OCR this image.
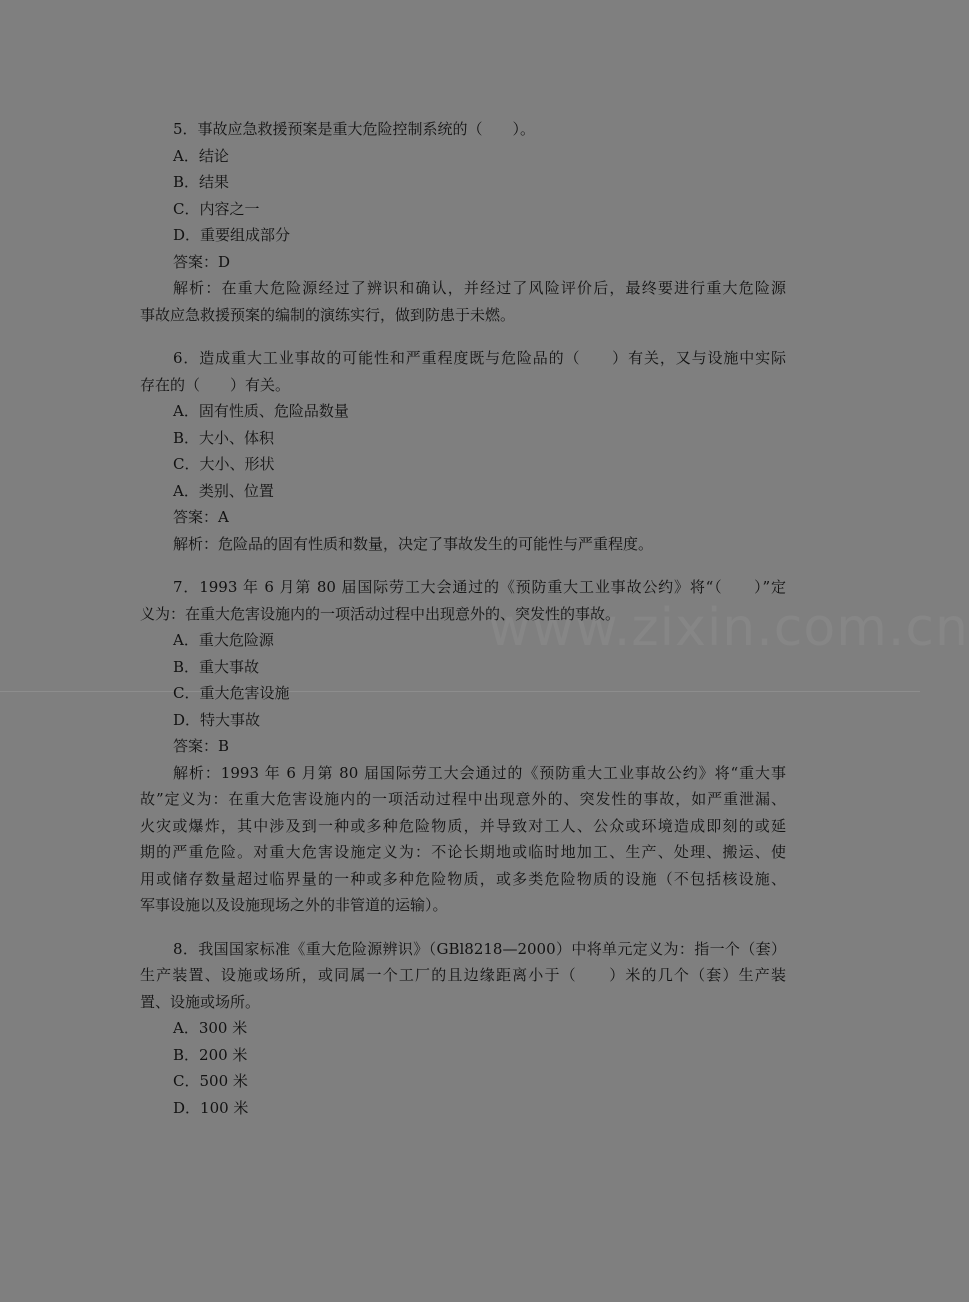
www.zixin.com.cn
5．事故应急救援预案是重大危险控制系统的（　　）。
A．结论
B．结果
C．内容之一
D．重要组成部分
答案：D
解析：在重大危险源经过了辨识和确认，并经过了风险评价后，最终要进行重大危险源
事故应急救援预案的编制的演练实行，做到防患于未燃。
6．造成重大工业事故的可能性和严重程度既与危险品的（　　）有关，又与设施中实际
存在的（　　）有关。
A．固有性质、危险品数量
B．大小、体积
C．大小、形状
A．类别、位置
答案：A
解析：危险品的固有性质和数量，决定了事故发生的可能性与严重程度。
7．1993 年 6 月第 80 届国际劳工大会通过的《预防重大工业事故公约》将“（　　）”定
义为：在重大危害设施内的一项活动过程中出现意外的、突发性的事故。
A．重大危险源
B．重大事故
C．重大危害设施
D．特大事故
答案：B
解析：1993 年 6 月第 80 届国际劳工大会通过的《预防重大工业事故公约》将“重大事
故”定义为：在重大危害设施内的一项活动过程中出现意外的、突发性的事故，如严重泄漏、
火灾或爆炸，其中涉及到一种或多种危险物质，并导致对工人、公众或环境造成即刻的或延
期的严重危险。对重大危害设施定义为：不论长期地或临时地加工、生产、处理、搬运、使
用或储存数量超过临界量的一种或多种危险物质，或多类危险物质的设施（不包括核设施、
军事设施以及设施现场之外的非管道的运输）。
8．我国国家标准《重大危险源辨识》（GBl8218—2000）中将单元定义为：指一个（套）
生产装置、设施或场所，或同属一个工厂的且边缘距离小于（　　）米的几个（套）生产装
置、设施或场所。
A．300 米
B．200 米
C．500 米
D．100 米
